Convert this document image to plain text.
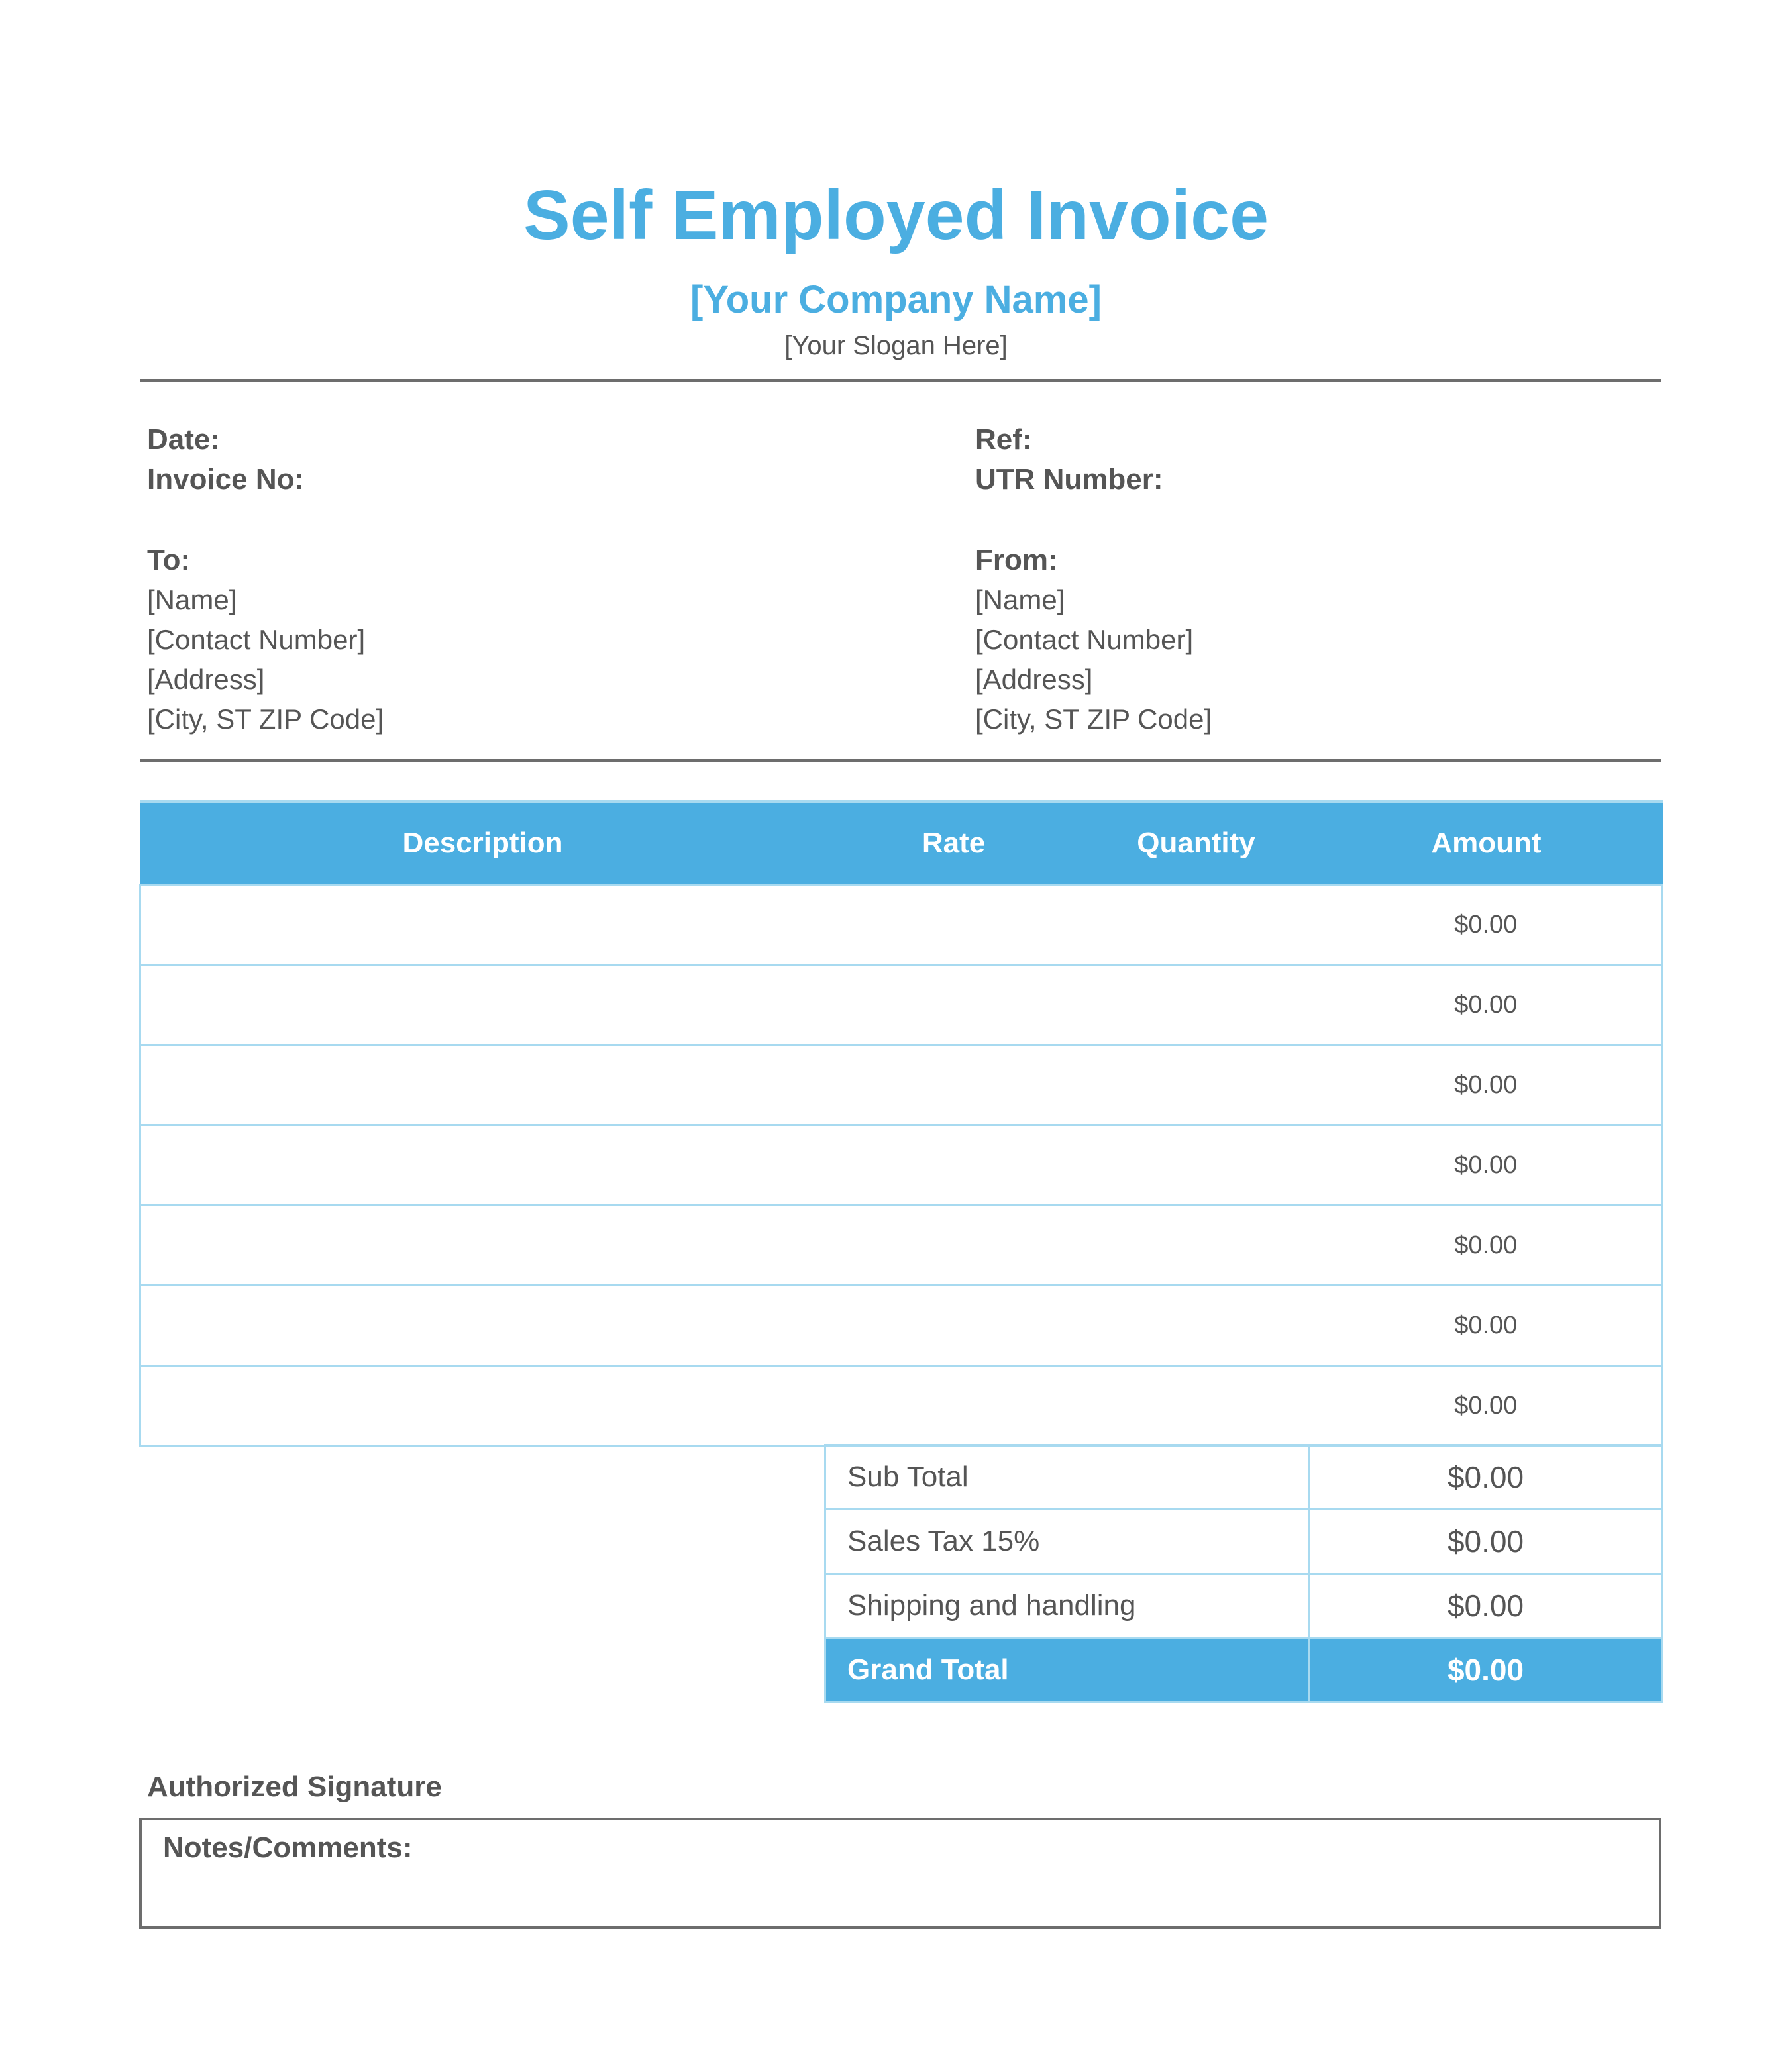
Self Employed Invoice
[Your Company Name]
[Your Slogan Here]
Date:
Invoice No:
Ref:
UTR Number:
To:
[Name]
[Contact Number]
[Address]
[City, ST ZIP Code]
From:
[Name]
[Contact Number]
[Address]
[City, ST ZIP Code]
Description	Rate	Quantity	Amount
			$0.00
			$0.00
			$0.00
			$0.00
			$0.00
			$0.00
			$0.00
Sub Total	$0.00
Sales Tax 15%	$0.00
Shipping and handling	$0.00
Grand Total	$0.00
Authorized Signature
Notes/Comments:
